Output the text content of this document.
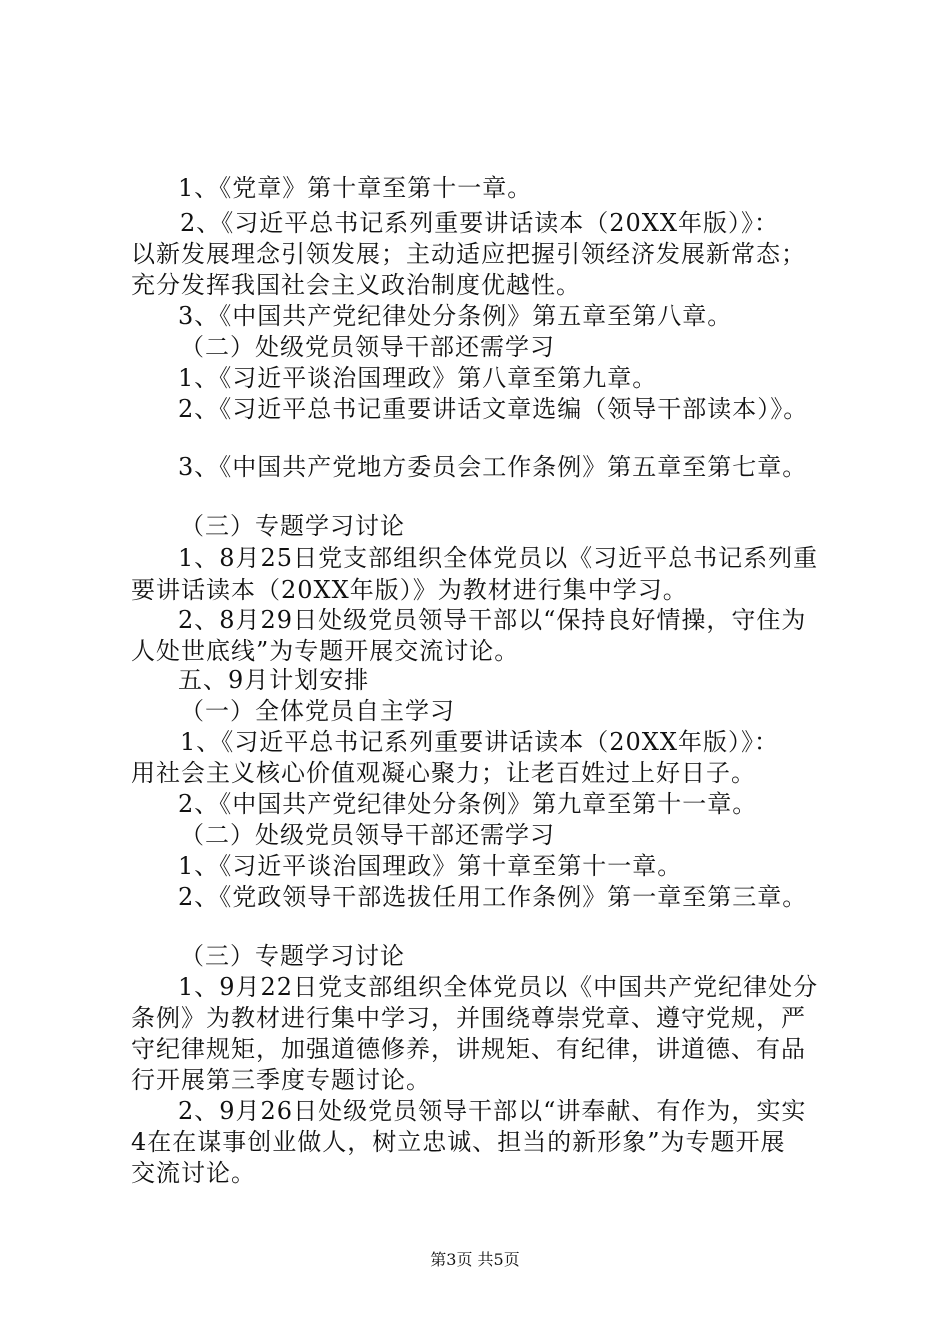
1、《党章》第十章至第十一章。
2、《习近平总书记系列重要讲话读本（20XX年版）》：
以新发展理念引领发展；主动适应把握引领经济发展新常态；
充分发挥我国社会主义政治制度优越性。
3、《中国共产党纪律处分条例》第五章至第八章。
（二）处级党员领导干部还需学习
1、《习近平谈治国理政》第八章至第九章。
2、《习近平总书记重要讲话文章选编（领导干部读本）》。
3、《中国共产党地方委员会工作条例》第五章至第七章。
（三）专题学习讨论
1、8月25日党支部组织全体党员以《习近平总书记系列重
要讲话读本（20XX年版）》为教材进行集中学习。
2、8月29日处级党员领导干部以“保持良好情操，守住为
人处世底线”为专题开展交流讨论。
五、9月计划安排
（一）全体党员自主学习
1、《习近平总书记系列重要讲话读本（20XX年版）》：
用社会主义核心价值观凝心聚力；让老百姓过上好日子。
2、《中国共产党纪律处分条例》第九章至第十一章。
（二）处级党员领导干部还需学习
1、《习近平谈治国理政》第十章至第十一章。
2、《党政领导干部选拔任用工作条例》第一章至第三章。
（三）专题学习讨论
1、9月22日党支部组织全体党员以《中国共产党纪律处分
条例》为教材进行集中学习，并围绕尊崇党章、遵守党规，严
守纪律规矩，加强道德修养，讲规矩、有纪律，讲道德、有品
行开展第三季度专题讨论。
2、9月26日处级党员领导干部以“讲奉献、有作为，实实
4在在谋事创业做人，树立忠诚、担当的新形象”为专题开展
交流讨论。
第3页 共5页
